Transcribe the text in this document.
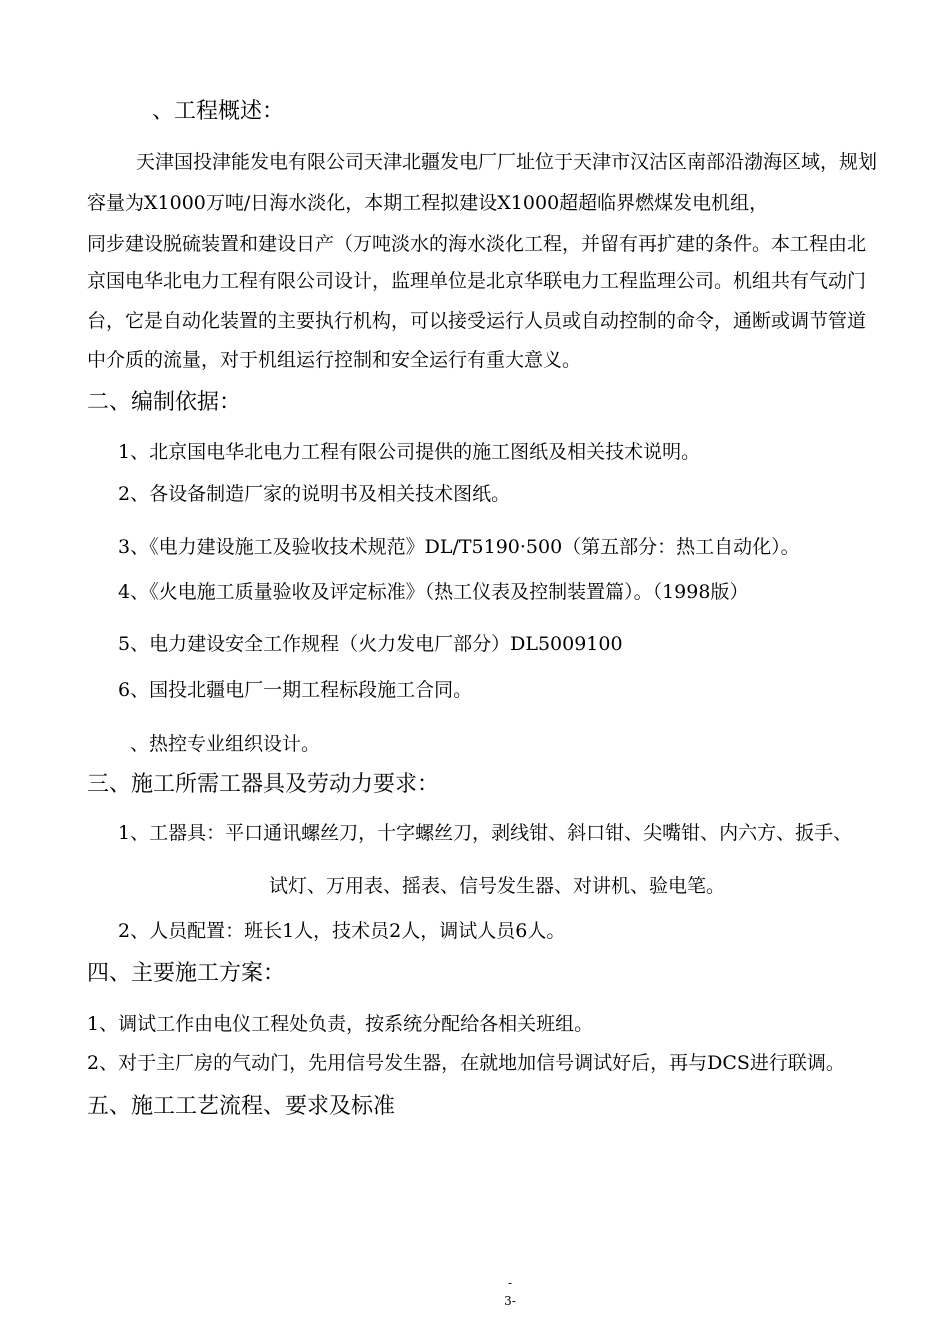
、工程概述：
天津国投津能发电有限公司天津北疆发电厂厂址位于天津市汉沽区南部沿渤海区域，规划
容量为X1000万吨/日海水淡化，本期工程拟建设X1000超超临界燃煤发电机组，
同步建设脱硫装置和建设日产（万吨淡水的海水淡化工程，并留有再扩建的条件。本工程由北
京国电华北电力工程有限公司设计，监理单位是北京华联电力工程监理公司。机组共有气动门
台，它是自动化装置的主要执行机构，可以接受运行人员或自动控制的命令，通断或调节管道
中介质的流量，对于机组运行控制和安全运行有重大意义。
二、编制依据：
1、北京国电华北电力工程有限公司提供的施工图纸及相关技术说明。
2、各设备制造厂家的说明书及相关技术图纸。
3、《电力建设施工及验收技术规范》DL/T5190·500（第五部分：热工自动化）。
4、《火电施工质量验收及评定标准》（热工仪表及控制装置篇）。（1998版）
5、电力建设安全工作规程（火力发电厂部分）DL5009100
6、国投北疆电厂一期工程标段施工合同。
、热控专业组织设计。
三、施工所需工器具及劳动力要求：
1、工器具：平口通讯螺丝刀，十字螺丝刀，剥线钳、斜口钳、尖嘴钳、内六方、扳手、
试灯、万用表、摇表、信号发生器、对讲机、验电笔。
2、人员配置：班长1人，技术员2人，调试人员6人。
四、主要施工方案：
1、调试工作由电仪工程处负责，按系统分配给各相关班组。
2、对于主厂房的气动门，先用信号发生器，在就地加信号调试好后，再与DCS进行联调。
五、施工工艺流程、要求及标准
-
3-
